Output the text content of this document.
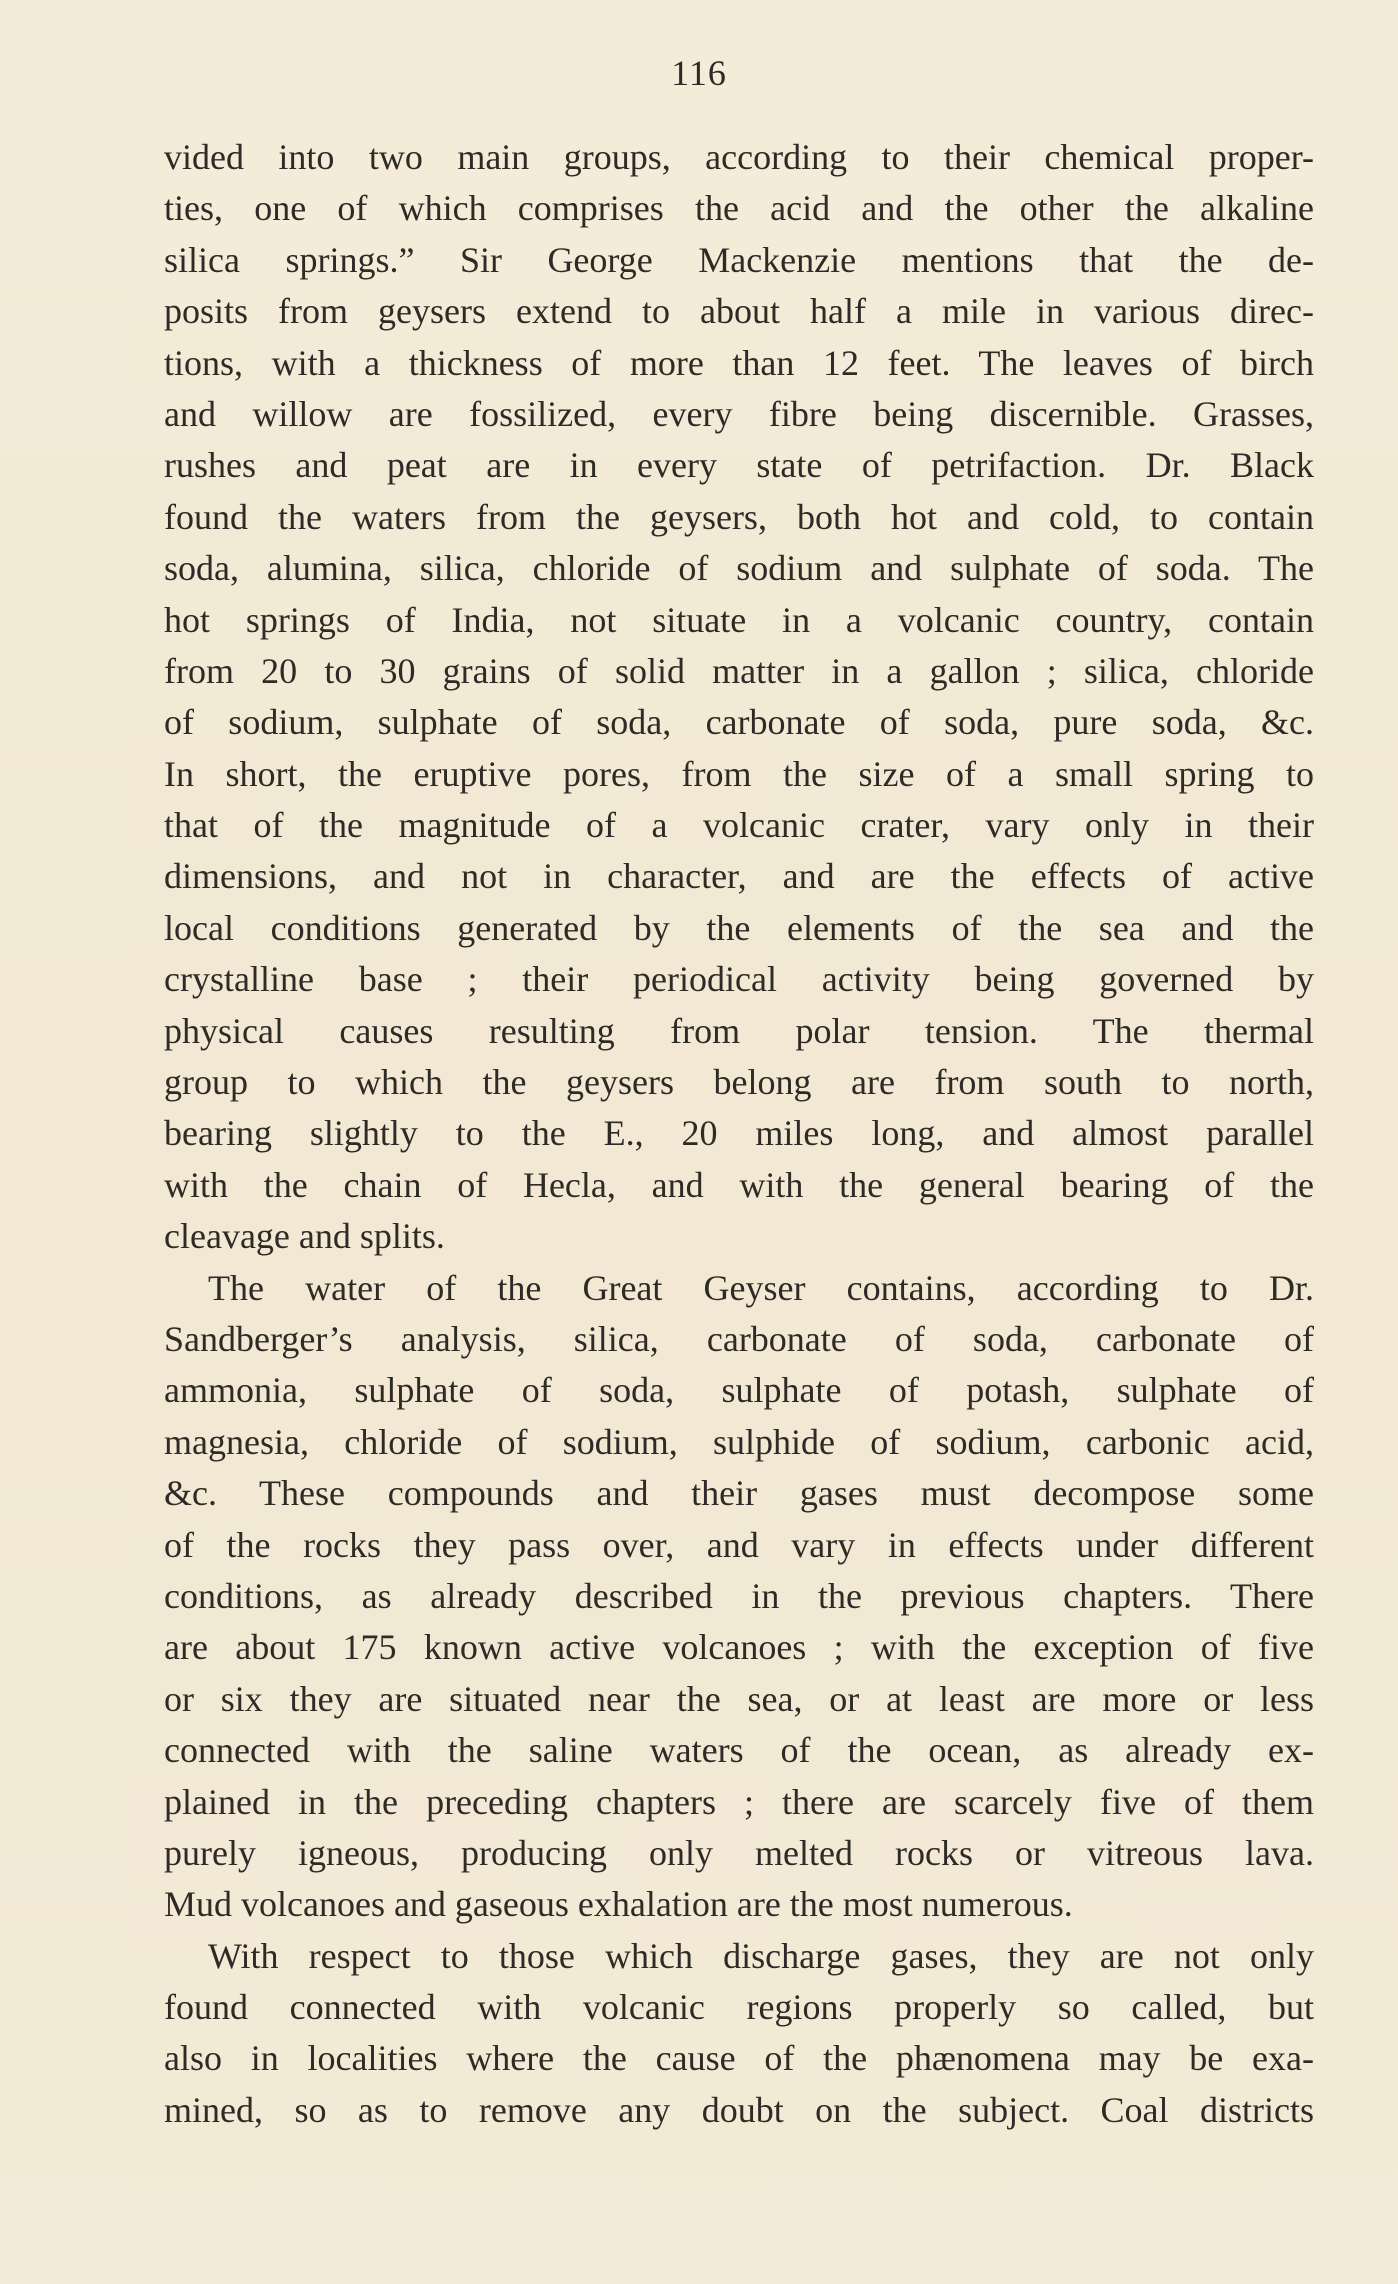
116
vided into two main groups, according to their chemical proper-
ties, one of which comprises the acid and the other the alkaline
silica springs.” Sir George Mackenzie mentions that the de-
posits from geysers extend to about half a mile in various direc-
tions, with a thickness of more than 12 feet. The leaves of birch
and willow are fossilized, every fibre being discernible. Grasses,
rushes and peat are in every state of petrifaction. Dr. Black
found the waters from the geysers, both hot and cold, to contain
soda, alumina, silica, chloride of sodium and sulphate of soda. The
hot springs of India, not situate in a volcanic country, contain
from 20 to 30 grains of solid matter in a gallon ; silica, chloride
of sodium, sulphate of soda, carbonate of soda, pure soda, &c.
In short, the eruptive pores, from the size of a small spring to
that of the magnitude of a volcanic crater, vary only in their
dimensions, and not in character, and are the effects of active
local conditions generated by the elements of the sea and the
crystalline base ; their periodical activity being governed by
physical causes resulting from polar tension. The thermal
group to which the geysers belong are from south to north,
bearing slightly to the E., 20 miles long, and almost parallel
with the chain of Hecla, and with the general bearing of the
cleavage and splits.
The water of the Great Geyser contains, according to Dr.
Sandberger’s analysis, silica, carbonate of soda, carbonate of
ammonia, sulphate of soda, sulphate of potash, sulphate of
magnesia, chloride of sodium, sulphide of sodium, carbonic acid,
&c. These compounds and their gases must decompose some
of the rocks they pass over, and vary in effects under different
conditions, as already described in the previous chapters. There
are about 175 known active volcanoes ; with the exception of five
or six they are situated near the sea, or at least are more or less
connected with the saline waters of the ocean, as already ex-
plained in the preceding chapters ; there are scarcely five of them
purely igneous, producing only melted rocks or vitreous lava.
Mud volcanoes and gaseous exhalation are the most numerous.
With respect to those which discharge gases, they are not only
found connected with volcanic regions properly so called, but
also in localities where the cause of the phænomena may be exa-
mined, so as to remove any doubt on the subject. Coal districts
